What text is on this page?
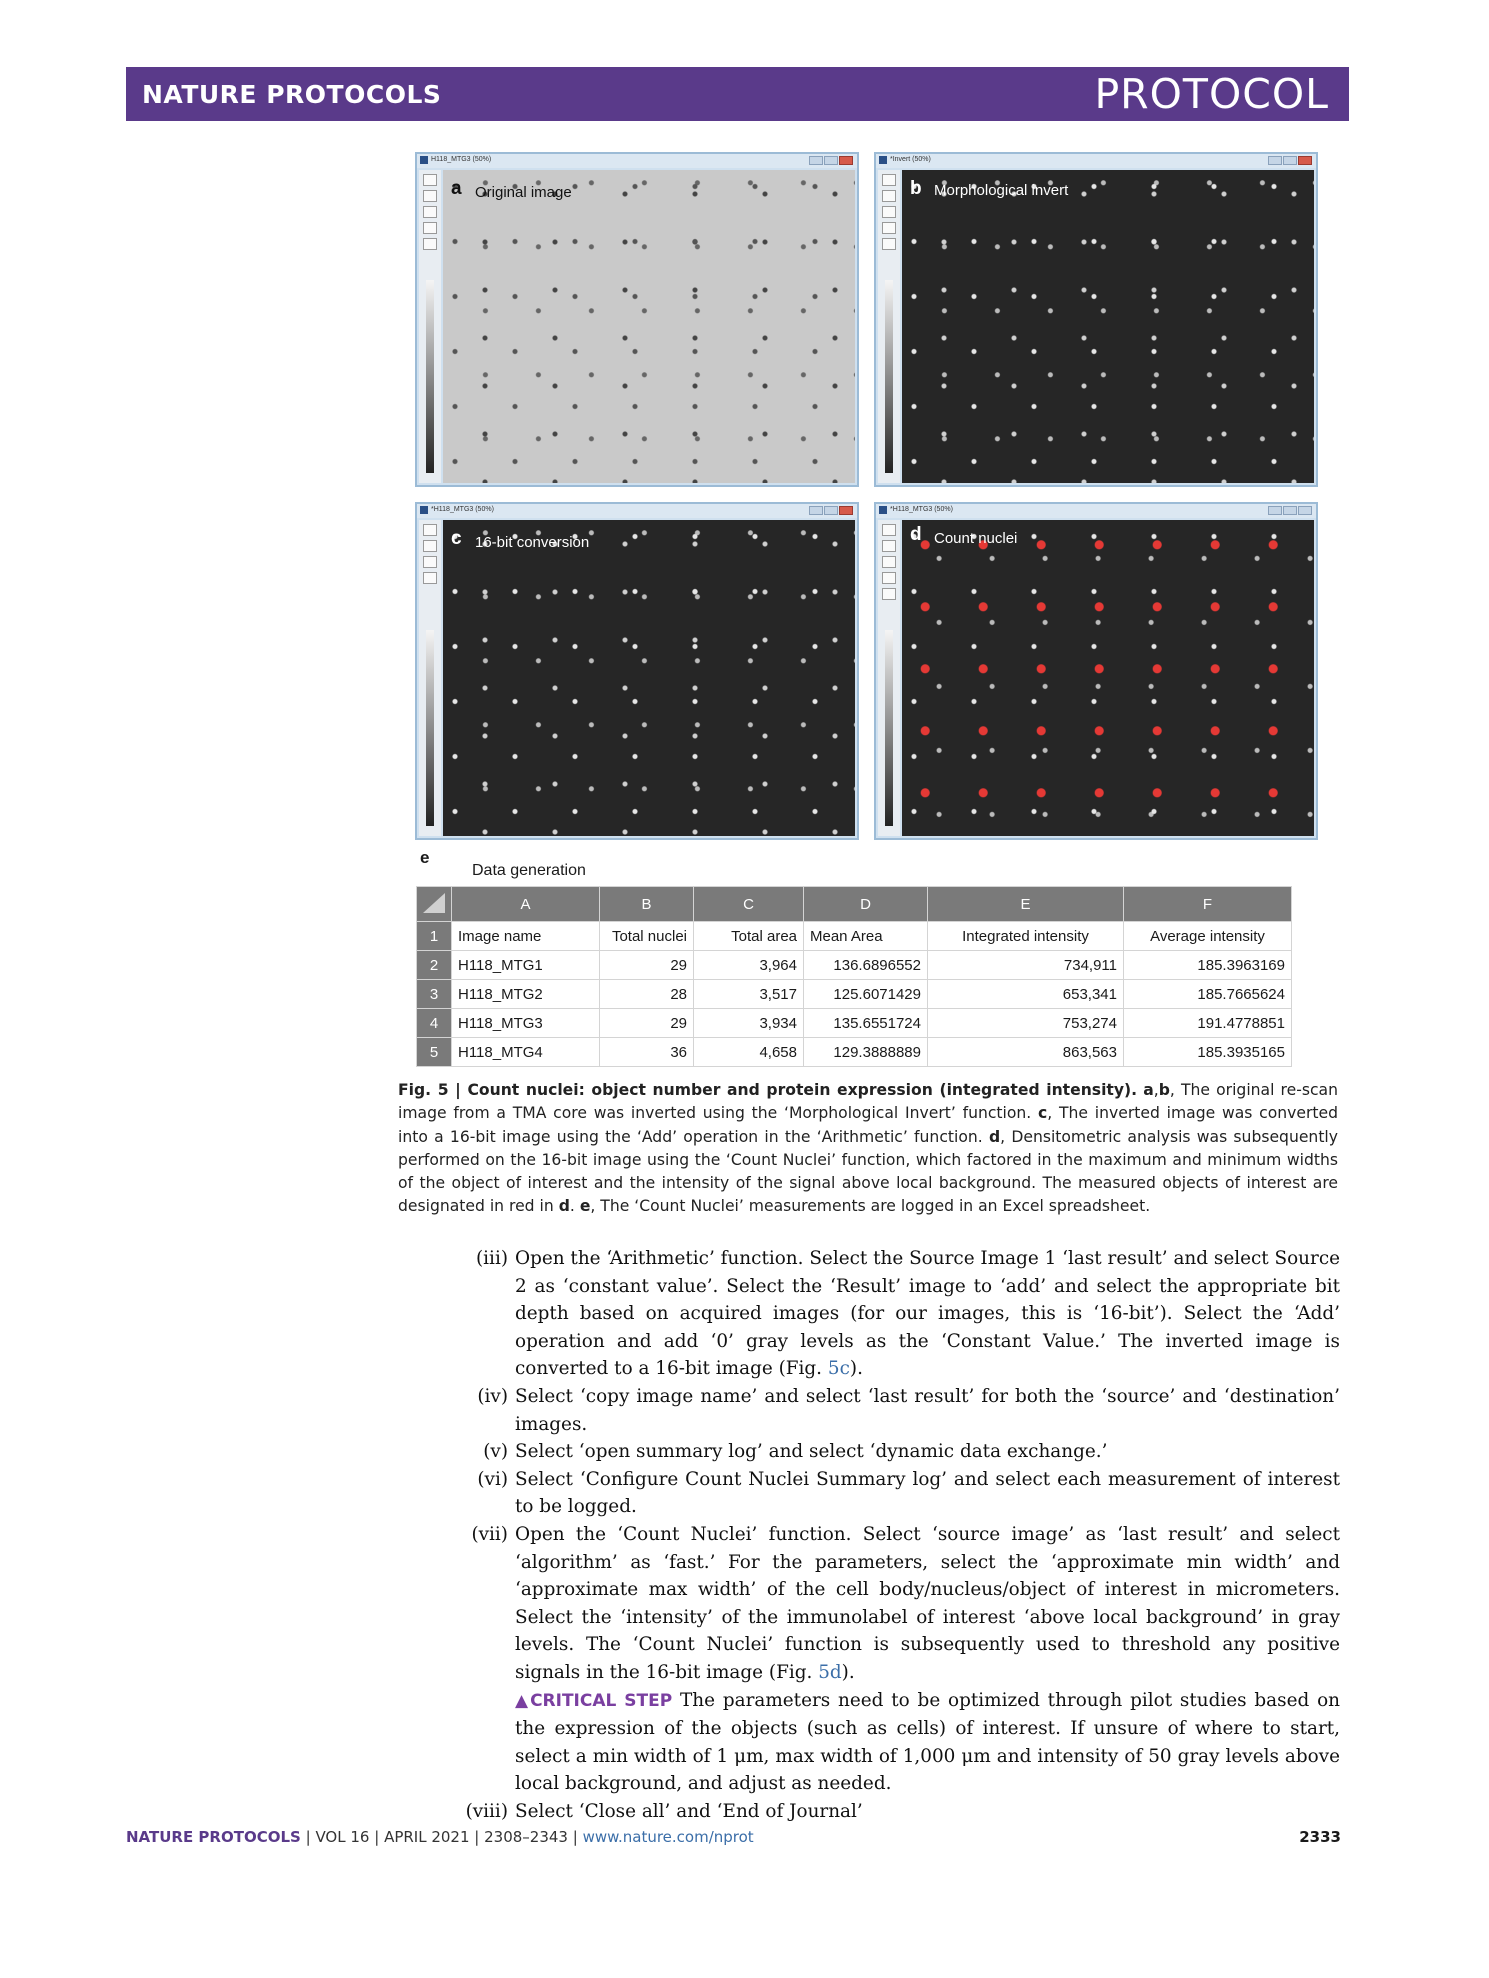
NATURE PROTOCOLS	PROTOCOL
H118_MTG3 (50%)
a Original image
*Invert (50%)
b Morphological invert
*H118_MTG3 (50%)
c 16-bit conversion
*H118_MTG3 (50%)
d Count nuclei
e
Data generation
	A	B	C	D	E	F
1	Image name	Total nuclei	Total area	Mean Area	Integrated intensity	Average intensity
2	H118_MTG1	29	3,964	136.6896552	734,911	185.3963169
3	H118_MTG2	28	3,517	125.6071429	653,341	185.7665624
4	H118_MTG3	29	3,934	135.6551724	753,274	191.4778851
5	H118_MTG4	36	4,658	129.3888889	863,563	185.3935165
Fig. 5 | Count nuclei: object number and protein expression (integrated intensity). a,b, The original re-scan image from a TMA core was inverted using the ‘Morphological Invert’ function. c, The inverted image was converted into a 16-bit image using the ‘Add’ operation in the ‘Arithmetic’ function. d, Densitometric analysis was subsequently performed on the 16-bit image using the ‘Count Nuclei’ function, which factored in the maximum and minimum widths of the object of interest and the intensity of the signal above local background. The measured objects of interest are designated in red in d. e, The ‘Count Nuclei’ measurements are logged in an Excel spreadsheet.
(iii) Open the ‘Arithmetic’ function. Select the Source Image 1 ‘last result’ and select Source 2 as ‘constant value’. Select the ‘Result’ image to ‘add’ and select the appropriate bit depth based on acquired images (for our images, this is ‘16-bit’). Select the ‘Add’ operation and add ‘0’ gray levels as the ‘Constant Value.’ The inverted image is converted to a 16-bit image (Fig. 5c).
(iv) Select ‘copy image name’ and select ‘last result’ for both the ‘source’ and ‘destination’ images.
(v) Select ‘open summary log’ and select ‘dynamic data exchange.’
(vi) Select ‘Configure Count Nuclei Summary log’ and select each measurement of interest to be logged.
(vii) Open the ‘Count Nuclei’ function. Select ‘source image’ as ‘last result’ and select ‘algorithm’ as ‘fast.’ For the parameters, select the ‘approximate min width’ and ‘approximate max width’ of the cell body/nucleus/object of interest in micrometers. Select the ‘intensity’ of the immunolabel of interest ‘above local background’ in gray levels. The ‘Count Nuclei’ function is subsequently used to threshold any positive signals in the 16-bit image (Fig. 5d).
▲CRITICAL STEP The parameters need to be optimized through pilot studies based on the expression of the objects (such as cells) of interest. If unsure of where to start, select a min width of 1 μm, max width of 1,000 μm and intensity of 50 gray levels above local background, and adjust as needed.
(viii) Select ‘Close all’ and ‘End of Journal’
NATURE PROTOCOLS | VOL 16 | APRIL 2021 | 2308–2343 | www.nature.com/nprot	2333
